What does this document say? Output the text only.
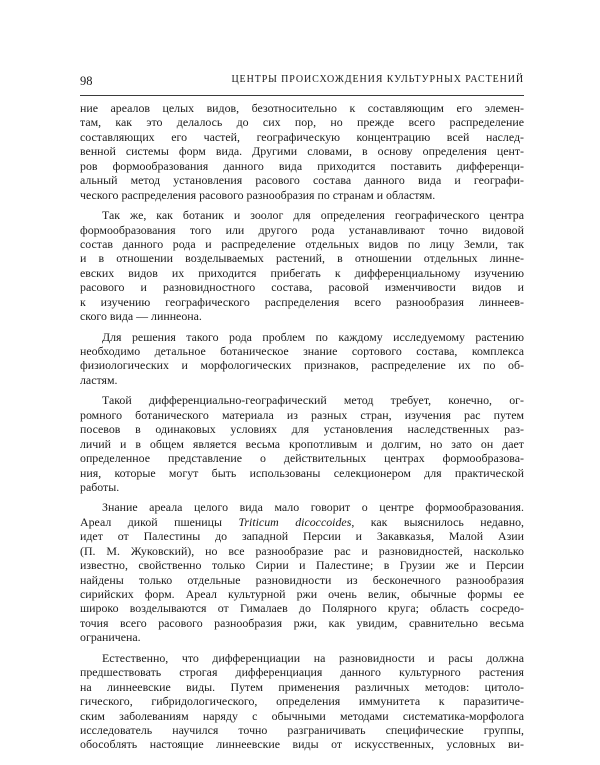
98	ЦЕНТРЫ ПРОИСХОЖДЕНИЯ КУЛЬТУРНЫХ РАСТЕНИЙ
ние ареалов целых видов, безотносительно к составляющим его элемен-
там, как это делалось до сих пор, но прежде всего распределение
составляющих его частей, географическую концентрацию всей наслед-
венной системы форм вида. Другими словами, в основу определения цент-
ров формообразования данного вида приходится поставить дифференци-
альный метод установления расового состава данного вида и географи-
ческого распределения расового разнообразия по странам и областям.
Так же, как ботаник и зоолог для определения географического центра
формообразования того или другого рода устанавливают точно видовой
состав данного рода и распределение отдельных видов по лицу Земли, так
и в отношении возделываемых растений, в отношении отдельных линне-
евских видов их приходится прибегать к дифференциальному изучению
расового и разновидностного состава, расовой изменчивости видов и
к изучению географического распределения всего разнообразия линнеев-
ского вида — линнеона.
Для решения такого рода проблем по каждому исследуемому растению
необходимо детальное ботаническое знание сортового состава, комплекса
физиологических и морфологических признаков, распределение их по об-
ластям.
Такой дифференциально-географический метод требует, конечно, ог-
ромного ботанического материала из разных стран, изучения рас путем
посевов в одинаковых условиях для установления наследственных раз-
личий и в общем является весьма кропотливым и долгим, но зато он дает
определенное представление о действительных центрах формообразова-
ния, которые могут быть использованы селекционером для практической
работы.
Знание ареала целого вида мало говорит о центре формообразования.
Ареал дикой пшеницы Triticum dicoccoides, как выяснилось недавно,
идет от Палестины до западной Персии и Закавказья, Малой Азии
(П. М. Жуковский), но все разнообразие рас и разновидностей, насколько
известно, свойственно только Сирии и Палестине; в Грузии же и Персии
найдены только отдельные разновидности из бесконечного разнообразия
сирийских форм. Ареал культурной ржи очень велик, обычные формы ее
широко возделываются от Гималаев до Полярного круга; область сосредо-
точия всего расового разнообразия ржи, как увидим, сравнительно весьма
ограничена.
Естественно, что дифференциации на разновидности и расы должна
предшествовать строгая дифференциация данного культурного растения
на линнеевские виды. Путем применения различных методов: цитоло-
гического, гибридологического, определения иммунитета к паразитиче-
ским заболеваниям наряду с обычными методами систематика-морфолога
исследователь научился точно разграничивать специфические группы,
обособлять настоящие линнеевские виды от искусственных, условных ви-
